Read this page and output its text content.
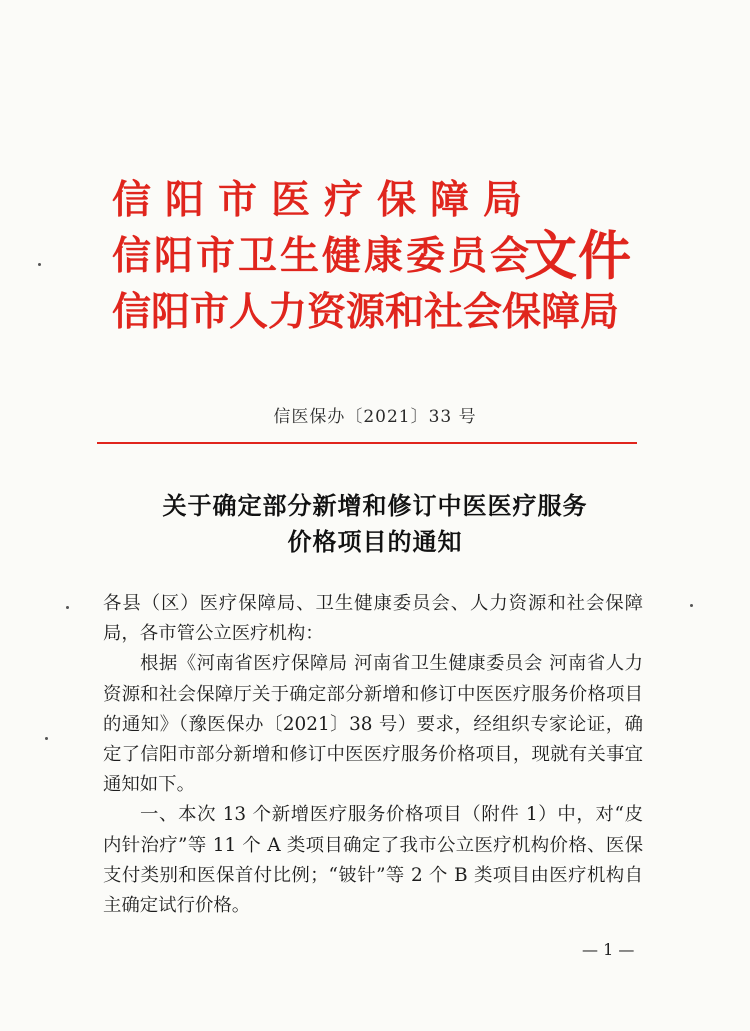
信阳市医疗保障局
信阳市卫生健康委员会
信阳市人力资源和社会保障局
文件
信医保办〔2021〕33 号
关于确定部分新增和修订中医医疗服务
价格项目的通知

各县（区）医疗保障局、卫生健康委员会、人力资源和社会保障局，各市管公立医疗机构：

根据《河南省医疗保障局 河南省卫生健康委员会 河南省人力资源和社会保障厅关于确定部分新增和修订中医医疗服务价格项目的通知》（豫医保办〔2021〕38 号）要求，经组织专家论证，确定了信阳市部分新增和修订中医医疗服务价格项目，现就有关事宜通知如下。

一、本次 13 个新增医疗服务价格项目（附件 1）中，对“皮内针治疗”等 11 个 A 类项目确定了我市公立医疗机构价格、医保支付类别和医保首付比例；“铍针”等 2 个 B 类项目由医疗机构自主确定试行价格。

— 1 —
